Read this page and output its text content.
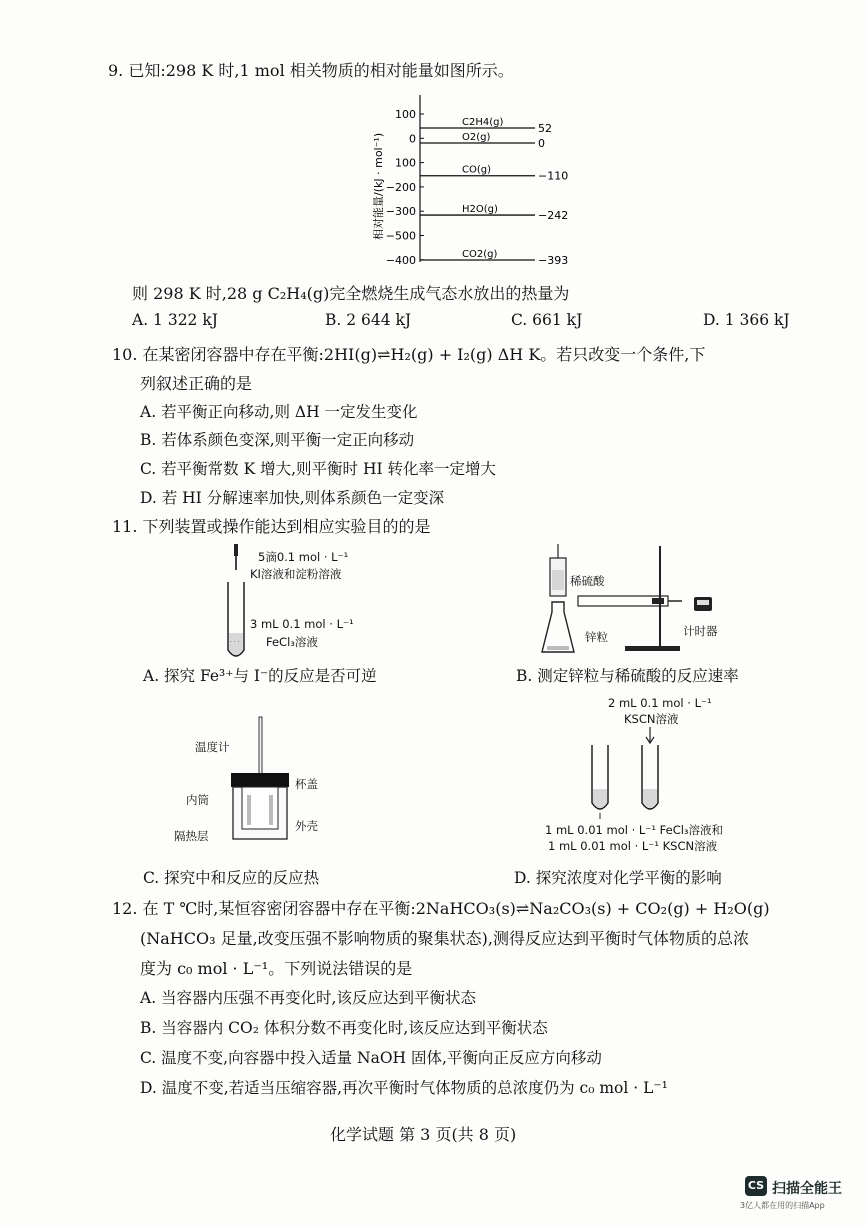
9. 已知:298 K 时,1 mol 相关物质的相对能量如图所示。
相对能量/(kJ · mol⁻¹)
100
0
100
−200
−300
−500
−400
C2H4(g)	52
O2(g)	0
CO(g)	−110
H2O(g)	−242
CO2(g)	−393
则 298 K 时,28 g C₂H₄(g)完全燃烧生成气态水放出的热量为
A. 1 322 kJ	B. 2 644 kJ	C. 661 kJ	D. 1 366 kJ
10. 在某密闭容器中存在平衡:2HI(g)⇌H₂(g) + I₂(g) ΔH K。若只改变一个条件,下
列叙述正确的是
A. 若平衡正向移动,则 ΔH 一定发生变化
B. 若体系颜色变深,则平衡一定正向移动
C. 若平衡常数 K 增大,则平衡时 HI 转化率一定增大
D. 若 HI 分解速率加快,则体系颜色一定变深
11. 下列装置或操作能达到相应实验目的的是
· · ·
5滴0.1 mol · L⁻¹
KI溶液和淀粉溶液
3 mL 0.1 mol · L⁻¹
FeCl₃溶液
A. 探究 Fe³⁺与 I⁻的反应是否可逆
稀硫酸
锌粒	计时器
B. 测定锌粒与稀硫酸的反应速率
温度计
杯盖
内筒
外壳
隔热层
C. 探究中和反应的反应热
2 mL 0.1 mol · L⁻¹
KSCN溶液
1 mL 0.01 mol · L⁻¹ FeCl₃溶液和
1 mL 0.01 mol · L⁻¹ KSCN溶液
D. 探究浓度对化学平衡的影响
12. 在 T ℃时,某恒容密闭容器中存在平衡:2NaHCO₃(s)⇌Na₂CO₃(s) + CO₂(g) + H₂O(g)
(NaHCO₃ 足量,改变压强不影响物质的聚集状态),测得反应达到平衡时气体物质的总浓
度为 c₀ mol · L⁻¹。下列说法错误的是
A. 当容器内压强不再变化时,该反应达到平衡状态
B. 当容器内 CO₂ 体积分数不再变化时,该反应达到平衡状态
C. 温度不变,向容器中投入适量 NaOH 固体,平衡向正反应方向移动
D. 温度不变,若适当压缩容器,再次平衡时气体物质的总浓度仍为 c₀ mol · L⁻¹
化学试题 第 3 页(共 8 页)
CS 扫描全能王
3亿人都在用的扫描App
